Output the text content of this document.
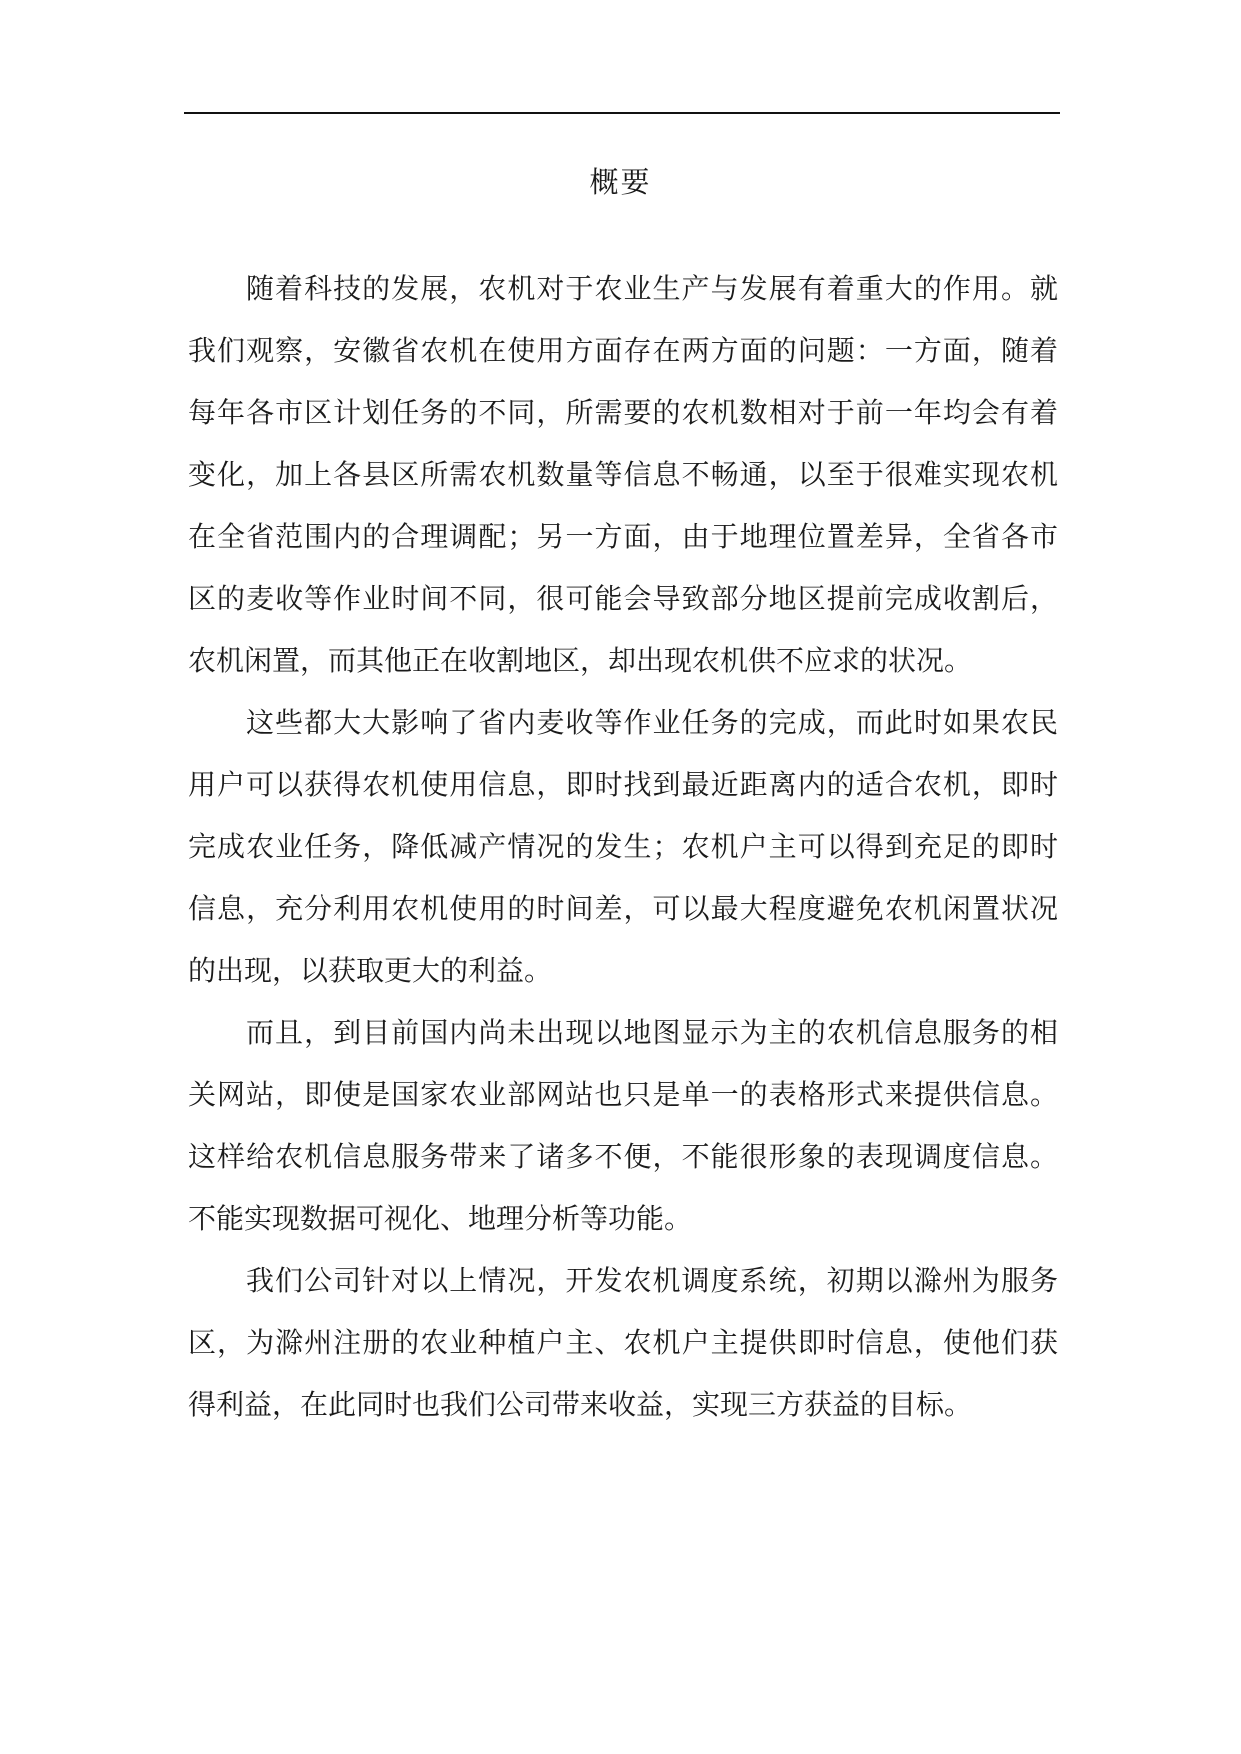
概要
随着科技的发展，农机对于农业生产与发展有着重大的作用。就
我们观察，安徽省农机在使用方面存在两方面的问题：一方面，随着
每年各市区计划任务的不同，所需要的农机数相对于前一年均会有着
变化，加上各县区所需农机数量等信息不畅通，以至于很难实现农机
在全省范围内的合理调配；另一方面，由于地理位置差异，全省各市
区的麦收等作业时间不同，很可能会导致部分地区提前完成收割后，
农机闲置，而其他正在收割地区，却出现农机供不应求的状况。
这些都大大影响了省内麦收等作业任务的完成，而此时如果农民
用户可以获得农机使用信息，即时找到最近距离内的适合农机，即时
完成农业任务，降低减产情况的发生；农机户主可以得到充足的即时
信息，充分利用农机使用的时间差，可以最大程度避免农机闲置状况
的出现，以获取更大的利益。
而且，到目前国内尚未出现以地图显示为主的农机信息服务的相
关网站，即使是国家农业部网站也只是单一的表格形式来提供信息。
这样给农机信息服务带来了诸多不便，不能很形象的表现调度信息。
不能实现数据可视化、地理分析等功能。
我们公司针对以上情况，开发农机调度系统，初期以滁州为服务
区，为滁州注册的农业种植户主、农机户主提供即时信息，使他们获
得利益，在此同时也我们公司带来收益，实现三方获益的目标。
